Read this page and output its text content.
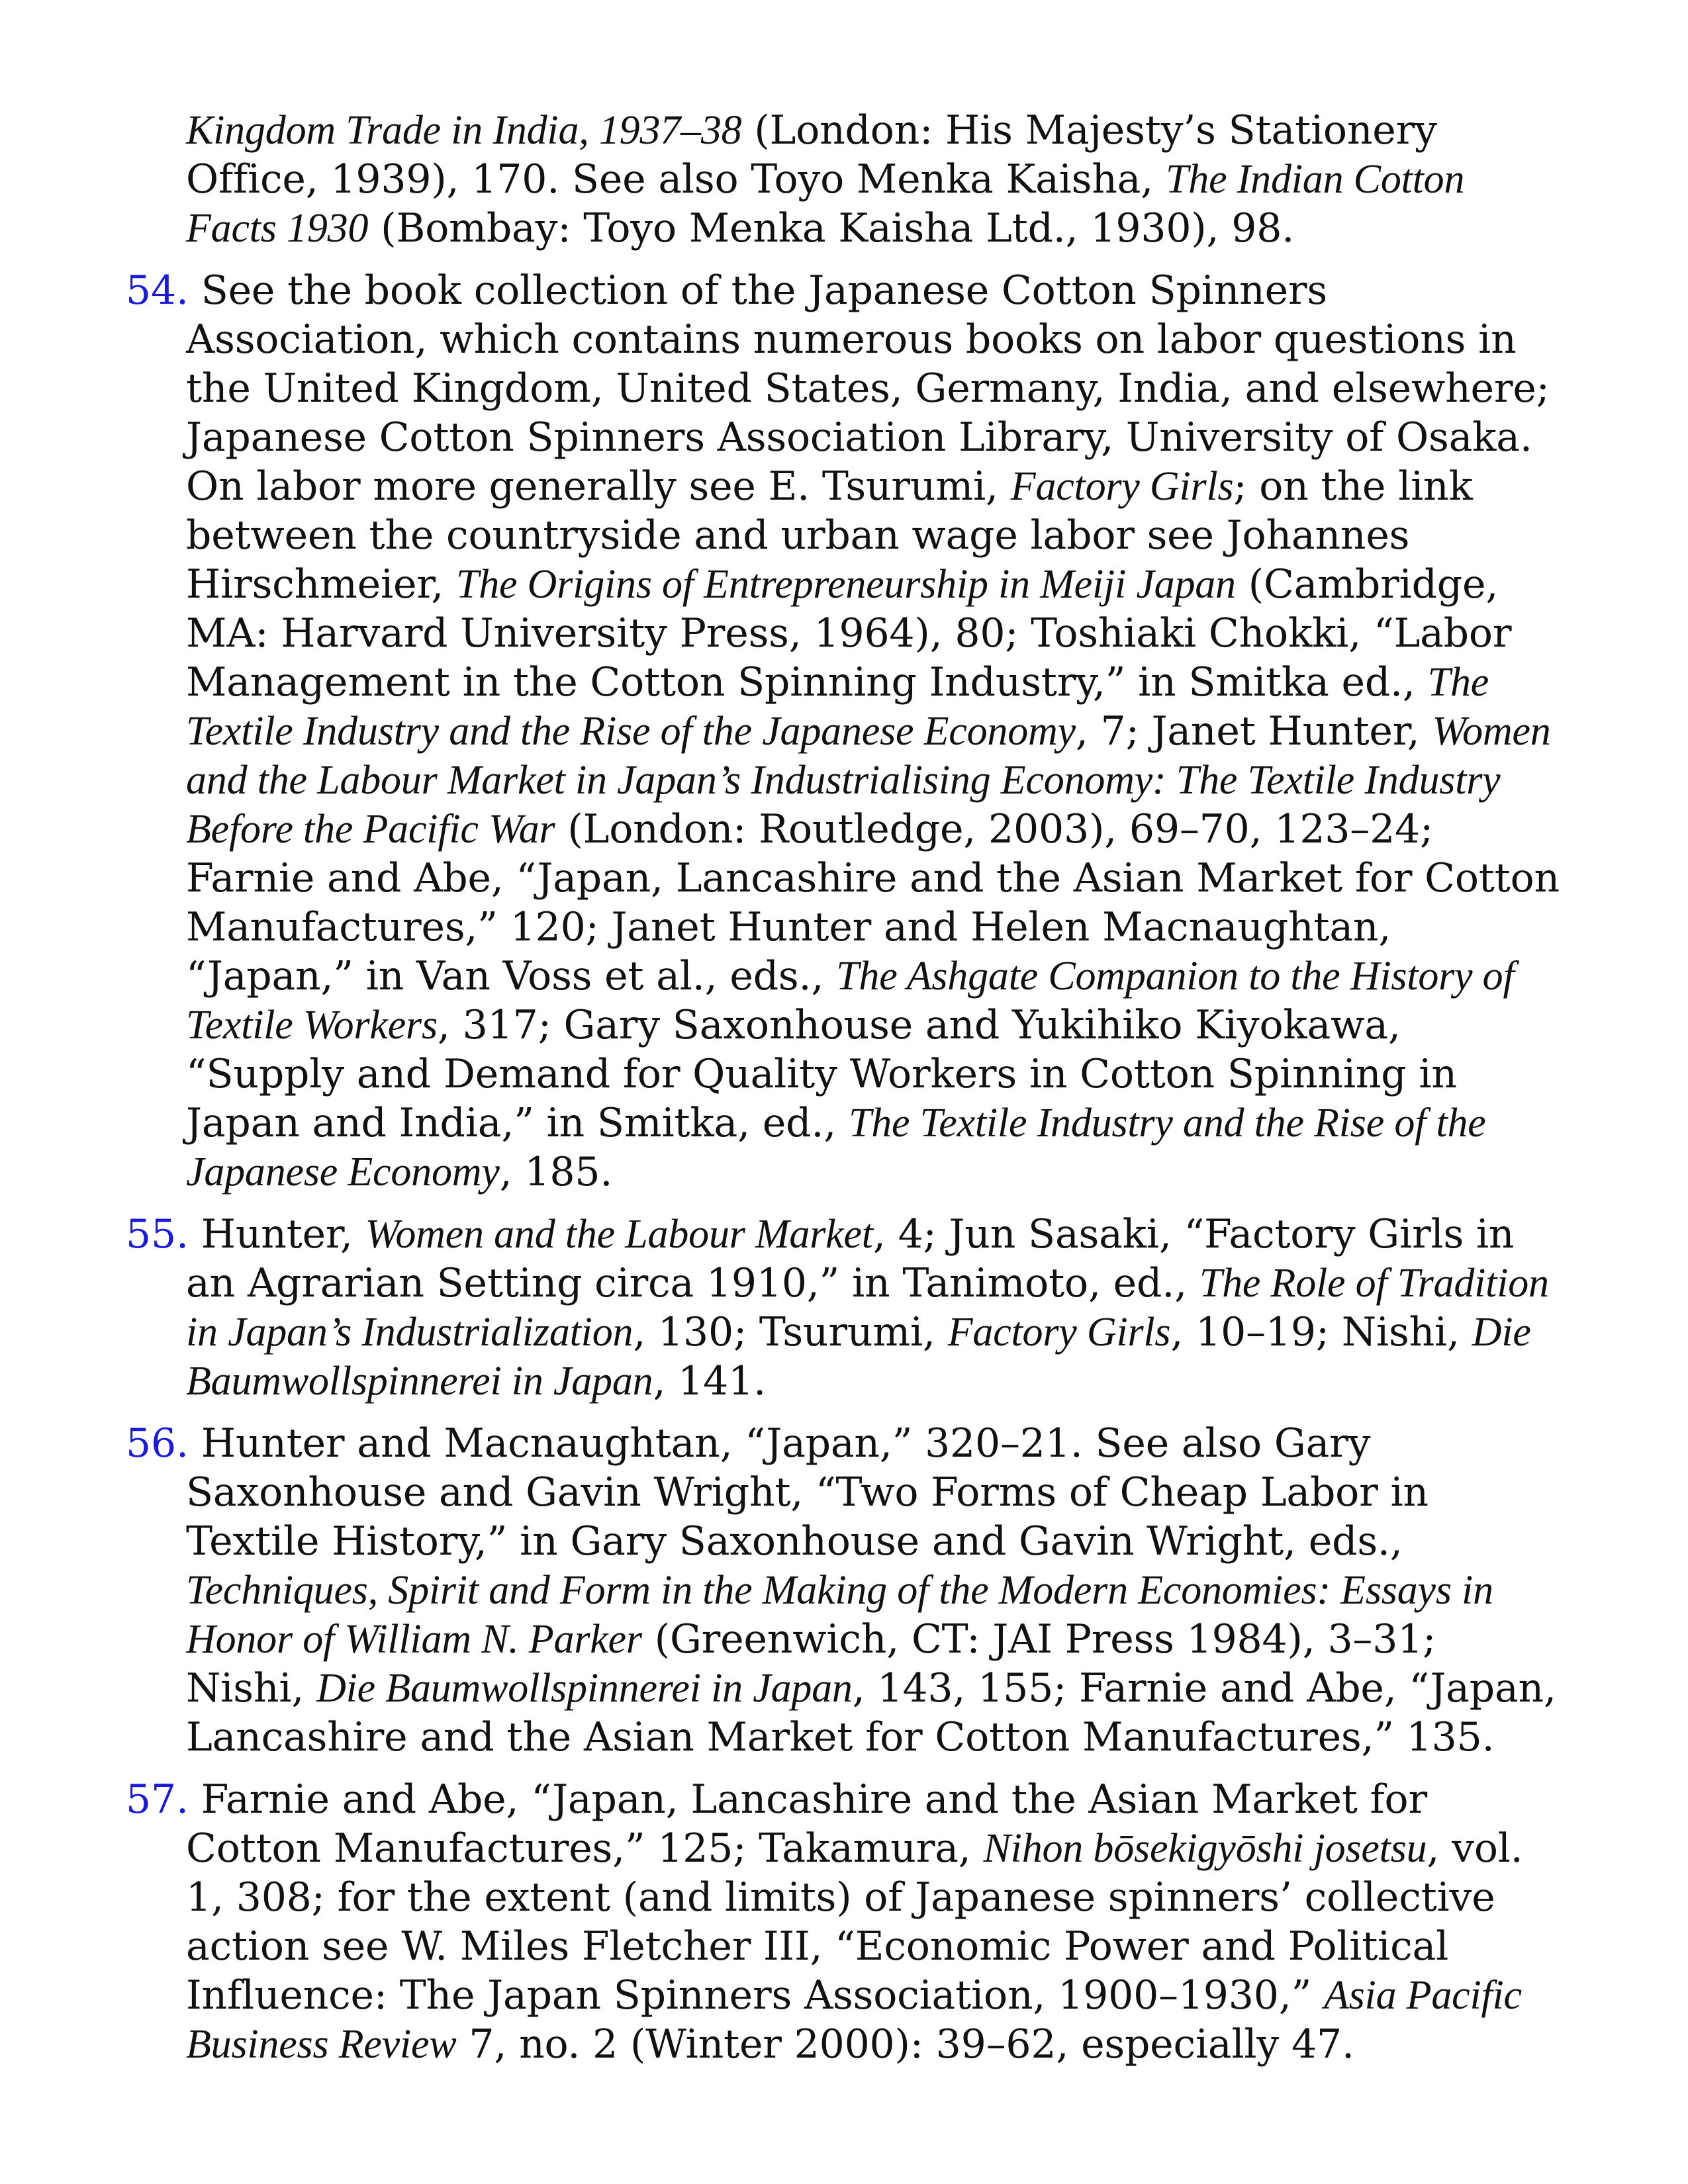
Kingdom Trade in India, 1937–38 (London: His Majesty’s Stationery Office, 1939), 170. See also Toyo Menka Kaisha, The Indian Cotton Facts 1930 (Bombay: Toyo Menka Kaisha Ltd., 1930), 98.

54. See the book collection of the Japanese Cotton Spinners Association, which contains numerous books on labor questions in the United Kingdom, United States, Germany, India, and elsewhere; Japanese Cotton Spinners Association Library, University of Osaka. On labor more generally see E. Tsurumi, Factory Girls; on the link between the countryside and urban wage labor see Johannes Hirschmeier, The Origins of Entrepreneurship in Meiji Japan (Cambridge, MA: Harvard University Press, 1964), 80; Toshiaki Chokki, “Labor Management in the Cotton Spinning Industry,” in Smitka ed., The Textile Industry and the Rise of the Japanese Economy, 7; Janet Hunter, Women and the Labour Market in Japan’s Industrialising Economy: The Textile Industry Before the Pacific War (London: Routledge, 2003), 69–70, 123–24; Farnie and Abe, “Japan, Lancashire and the Asian Market for Cotton Manufactures,” 120; Janet Hunter and Helen Macnaughtan, “Japan,” in Van Voss et al., eds., The Ashgate Companion to the History of Textile Workers, 317; Gary Saxonhouse and Yukihiko Kiyokawa, “Supply and Demand for Quality Workers in Cotton Spinning in Japan and India,” in Smitka, ed., The Textile Industry and the Rise of the Japanese Economy, 185.

55. Hunter, Women and the Labour Market, 4; Jun Sasaki, “Factory Girls in an Agrarian Setting circa 1910,” in Tanimoto, ed., The Role of Tradition in Japan’s Industrialization, 130; Tsurumi, Factory Girls, 10–19; Nishi, Die Baumwollspinnerei in Japan, 141.

56. Hunter and Macnaughtan, “Japan,” 320–21. See also Gary Saxonhouse and Gavin Wright, “Two Forms of Cheap Labor in Textile History,” in Gary Saxonhouse and Gavin Wright, eds., Techniques, Spirit and Form in the Making of the Modern Economies: Essays in Honor of William N. Parker (Greenwich, CT: JAI Press 1984), 3–31; Nishi, Die Baumwollspinnerei in Japan, 143, 155; Farnie and Abe, “Japan, Lancashire and the Asian Market for Cotton Manufactures,” 135.

57. Farnie and Abe, “Japan, Lancashire and the Asian Market for Cotton Manufactures,” 125; Takamura, Nihon bōsekigyōshi josetsu, vol. 1, 308; for the extent (and limits) of Japanese spinners’ collective action see W. Miles Fletcher III, “Economic Power and Political Influence: The Japan Spinners Association, 1900–1930,” Asia Pacific Business Review 7, no. 2 (Winter 2000): 39–62, especially 47.
